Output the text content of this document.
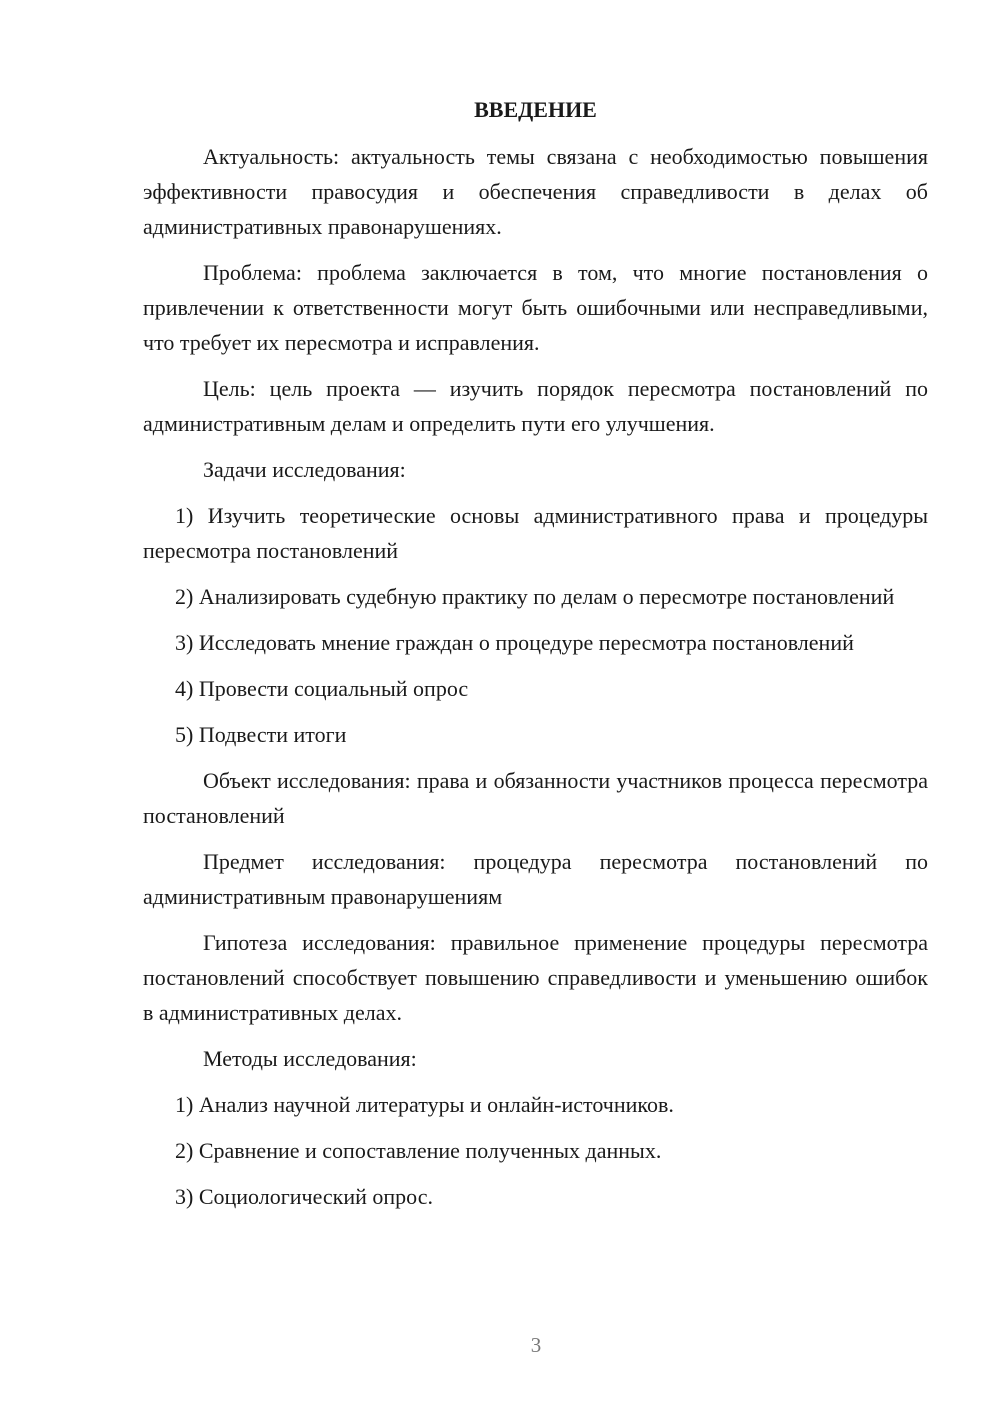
ВВЕДЕНИЕ

Актуальность: актуальность темы связана с необходимостью повышения эффективности правосудия и обеспечения справедливости в делах об административных правонарушениях.

Проблема: проблема заключается в том, что многие постановления о привлечении к ответственности могут быть ошибочными или несправедливыми, что требует их пересмотра и исправления.

Цель: цель проекта — изучить порядок пересмотра постановлений по административным делам и определить пути его улучшения.

Задачи исследования:

1) Изучить теоретические основы административного права и процедуры пересмотра постановлений

2) Анализировать судебную практику по делам о пересмотре постановлений

3) Исследовать мнение граждан о процедуре пересмотра постановлений

4) Провести социальный опрос

5) Подвести итоги

Объект исследования: права и обязанности участников процесса пересмотра постановлений

Предмет исследования: процедура пересмотра постановлений по административным правонарушениям

Гипотеза исследования: правильное применение процедуры пересмотра постановлений способствует повышению справедливости и уменьшению ошибок в административных делах.

Методы исследования:

1) Анализ научной литературы и онлайн-источников.

2) Сравнение и сопоставление полученных данных.

3) Социологический опрос.

3
